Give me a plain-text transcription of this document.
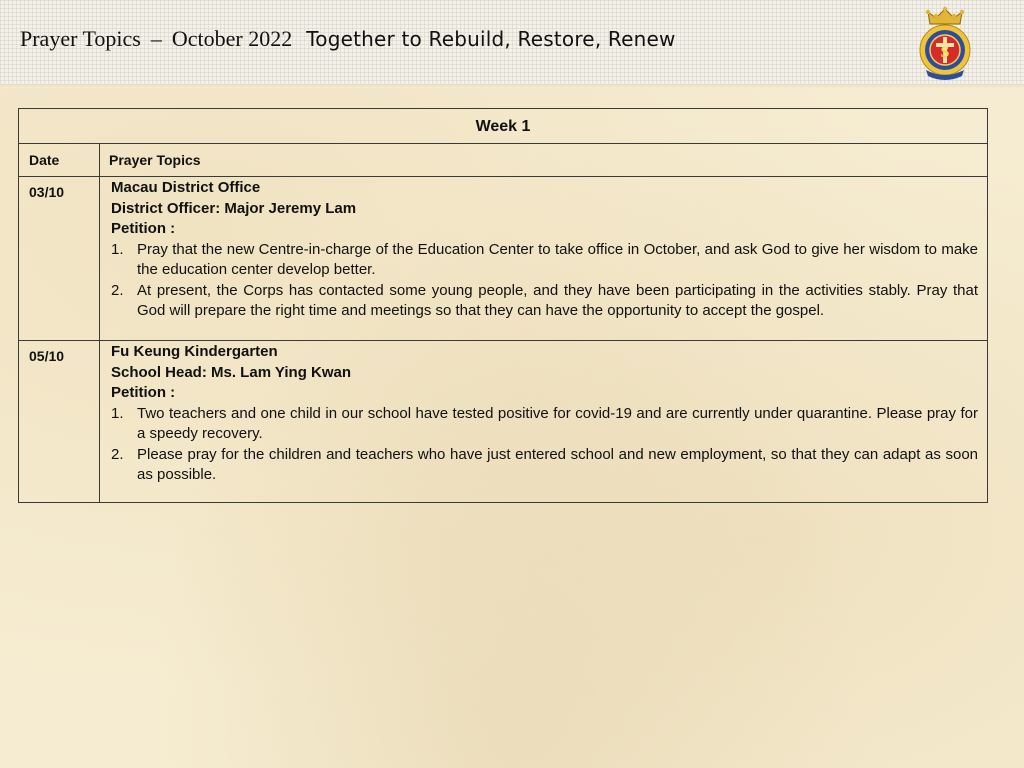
Prayer Topics – October 2022 Together to Rebuild, Restore, Renew
S
Week 1
Date	Prayer Topics
03/10	Macau District Office
District Officer: Major Jeremy Lam
Petition :
1. Pray that the new Centre-in-charge of the Education Center to take office in October, and ask God to give her wisdom to make the education center develop better.
2. At present, the Corps has contacted some young people, and they have been participating in the activities stably. Pray that God will prepare the right time and meetings so that they can have the opportunity to accept the gospel.
05/10	Fu Keung Kindergarten
School Head: Ms. Lam Ying Kwan
Petition :
1. Two teachers and one child in our school have tested positive for covid-19 and are currently under quarantine. Please pray for a speedy recovery.
2. Please pray for the children and teachers who have just entered school and new employment, so that they can adapt as soon as possible.
